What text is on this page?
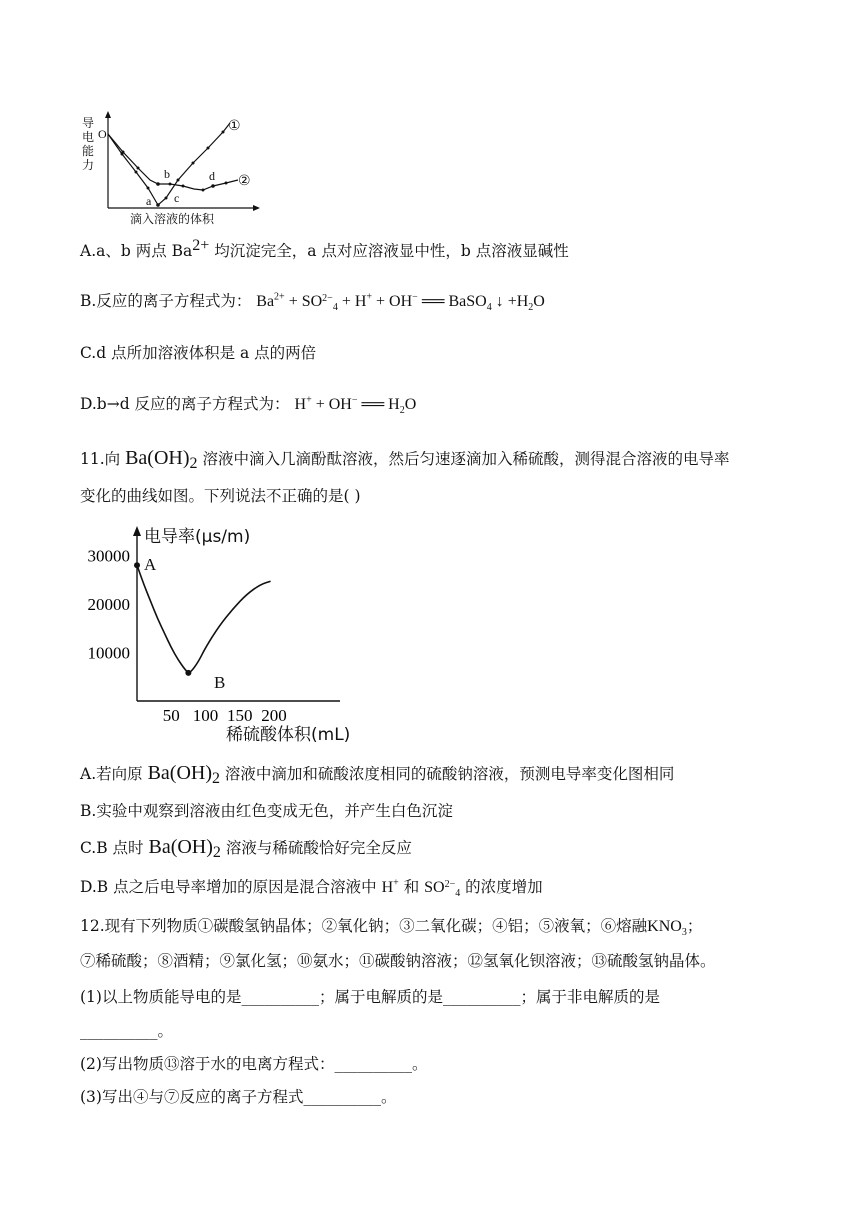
导
电
能
力
O
a
b
c
d
①
②
滴入溶液的体积
A.a、b 两点 $Ba^{2+}$ 均沉淀完全，a 点对应溶液显中性，b 点溶液显碱性
B.反应的离子方程式为： $Ba^{2+} + SO_{2-4} + H^+ + OH^-$ ══ BaSO$_4$ ↓ $+H_2O$
C.d 点所加溶液体积是 a 点的两倍
D.b→d 反应的离子方程式为： H+ + OH− ══ $H_2O$
11.向 $Ba(OH)_2$ 溶液中滴入几滴酚酞溶液，然后匀速逐滴加入稀硫酸，测得混合溶液的电导率
变化的曲线如图。下列说法不正确的是( )
电导率(μs/m)
稀硫酸体积(mL)
A
B
10000
20000
30000
50 100 150 200
A.若向原 $Ba(OH)_2$ 溶液中滴加和硫酸浓度相同的硫酸钠溶液，预测电导率变化图相同
B.实验中观察到溶液由红色变成无色，并产生白色沉淀
C.B 点时 $Ba(OH)_2$ 溶液与稀硫酸恰好完全反应
D.B 点之后电导率增加的原因是混合溶液中 H+ 和 $SO_{2-4}$ 的浓度增加
12.现有下列物质①碳酸氢钠晶体；②氧化钠；③二氧化碳；④铝；⑤液氧；⑥熔融$KNO_3$；
⑦稀硫酸；⑧酒精；⑨氯化氢；⑩氨水；⑪碳酸钠溶液；⑫氢氧化钡溶液；⑬硫酸氢钠晶体。
(1)以上物质能导电的是__________；属于电解质的是__________；属于非电解质的是
__________。
(2)写出物质⑬溶于水的电离方程式：__________。
(3)写出④与⑦反应的离子方程式__________。
